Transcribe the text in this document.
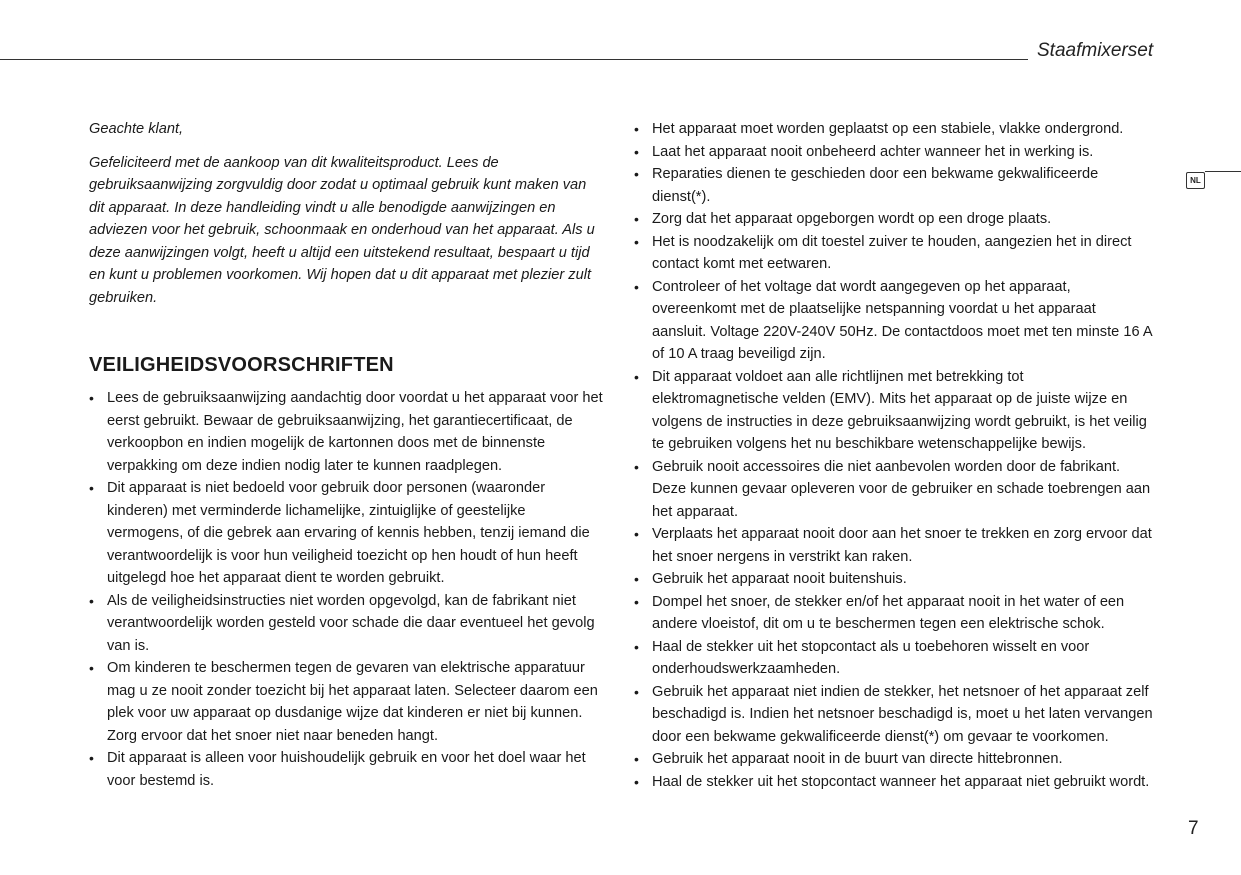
Staafmixerset
NL

Geachte klant,

Gefeliciteerd met de aankoop van dit kwaliteitsproduct. Lees de gebruiksaanwijzing zorgvuldig door zodat u optimaal gebruik kunt maken van dit apparaat. In deze handleiding vindt u alle benodigde aanwijzingen en adviezen voor het gebruik, schoonmaak en onderhoud van het apparaat. Als u deze aanwijzingen volgt, heeft u altijd een uitstekend resultaat, bespaart u tijd en kunt u problemen voorkomen. Wij hopen dat u dit apparaat met plezier zult gebruiken.

VEILIGHEIDSVOORSCHRIFTEN
• Lees de gebruiksaanwijzing aandachtig door voordat u het apparaat voor het eerst gebruikt. Bewaar de gebruiksaanwijzing, het garantiecertificaat, de verkoopbon en indien mogelijk de kartonnen doos met de binnenste verpakking om deze indien nodig later te kunnen raadplegen.
• Dit apparaat is niet bedoeld voor gebruik door personen (waaronder kinderen) met verminderde lichamelijke, zintuiglijke of geestelijke vermogens, of die gebrek aan ervaring of kennis hebben, tenzij iemand die verantwoordelijk is voor hun veiligheid toezicht op hen houdt of hun heeft uitgelegd hoe het apparaat dient te worden gebruikt.
• Als de veiligheidsinstructies niet worden opgevolgd, kan de fabrikant niet verantwoordelijk worden gesteld voor schade die daar eventueel het gevolg van is.
• Om kinderen te beschermen tegen de gevaren van elektrische apparatuur mag u ze nooit zonder toezicht bij het apparaat laten. Selecteer daarom een plek voor uw apparaat op dusdanige wijze dat kinderen er niet bij kunnen. Zorg ervoor dat het snoer niet naar beneden hangt.
• Dit apparaat is alleen voor huishoudelijk gebruik en voor het doel waar het voor bestemd is.
• Het apparaat moet worden geplaatst op een stabiele, vlakke ondergrond.
• Laat het apparaat nooit onbeheerd achter wanneer het in werking is.
• Reparaties dienen te geschieden door een bekwame gekwalificeerde dienst(*).
• Zorg dat het apparaat opgeborgen wordt op een droge plaats.
• Het is noodzakelijk om dit toestel zuiver te houden, aangezien het in direct contact komt met eetwaren.
• Controleer of het voltage dat wordt aangegeven op het apparaat, overeenkomt met de plaatselijke netspanning voordat u het apparaat aansluit. Voltage 220V-240V 50Hz. De contactdoos moet met ten minste 16 A of 10 A traag beveiligd zijn.
• Dit apparaat voldoet aan alle richtlijnen met betrekking tot elektromagnetische velden (EMV). Mits het apparaat op de juiste wijze en volgens de instructies in deze gebruiksaanwijzing wordt gebruikt, is het veilig te gebruiken volgens het nu beschikbare wetenschappelijke bewijs.
• Gebruik nooit accessoires die niet aanbevolen worden door de fabrikant. Deze kunnen gevaar opleveren voor de gebruiker en schade toebrengen aan het apparaat.
• Verplaats het apparaat nooit door aan het snoer te trekken en zorg ervoor dat het snoer nergens in verstrikt kan raken.
• Gebruik het apparaat nooit buitenshuis.
• Dompel het snoer, de stekker en/of het apparaat nooit in het water of een andere vloeistof, dit om u te beschermen tegen een elektrische schok.
• Haal de stekker uit het stopcontact als u toebehoren wisselt en voor onderhoudswerkzaamheden.
• Gebruik het apparaat niet indien de stekker, het netsnoer of het apparaat zelf beschadigd is. Indien het netsnoer beschadigd is, moet u het laten vervangen door een bekwame gekwalificeerde dienst(*) om gevaar te voorkomen.
• Gebruik het apparaat nooit in de buurt van directe hittebronnen.
• Haal de stekker uit het stopcontact wanneer het apparaat niet gebruikt wordt.
7
